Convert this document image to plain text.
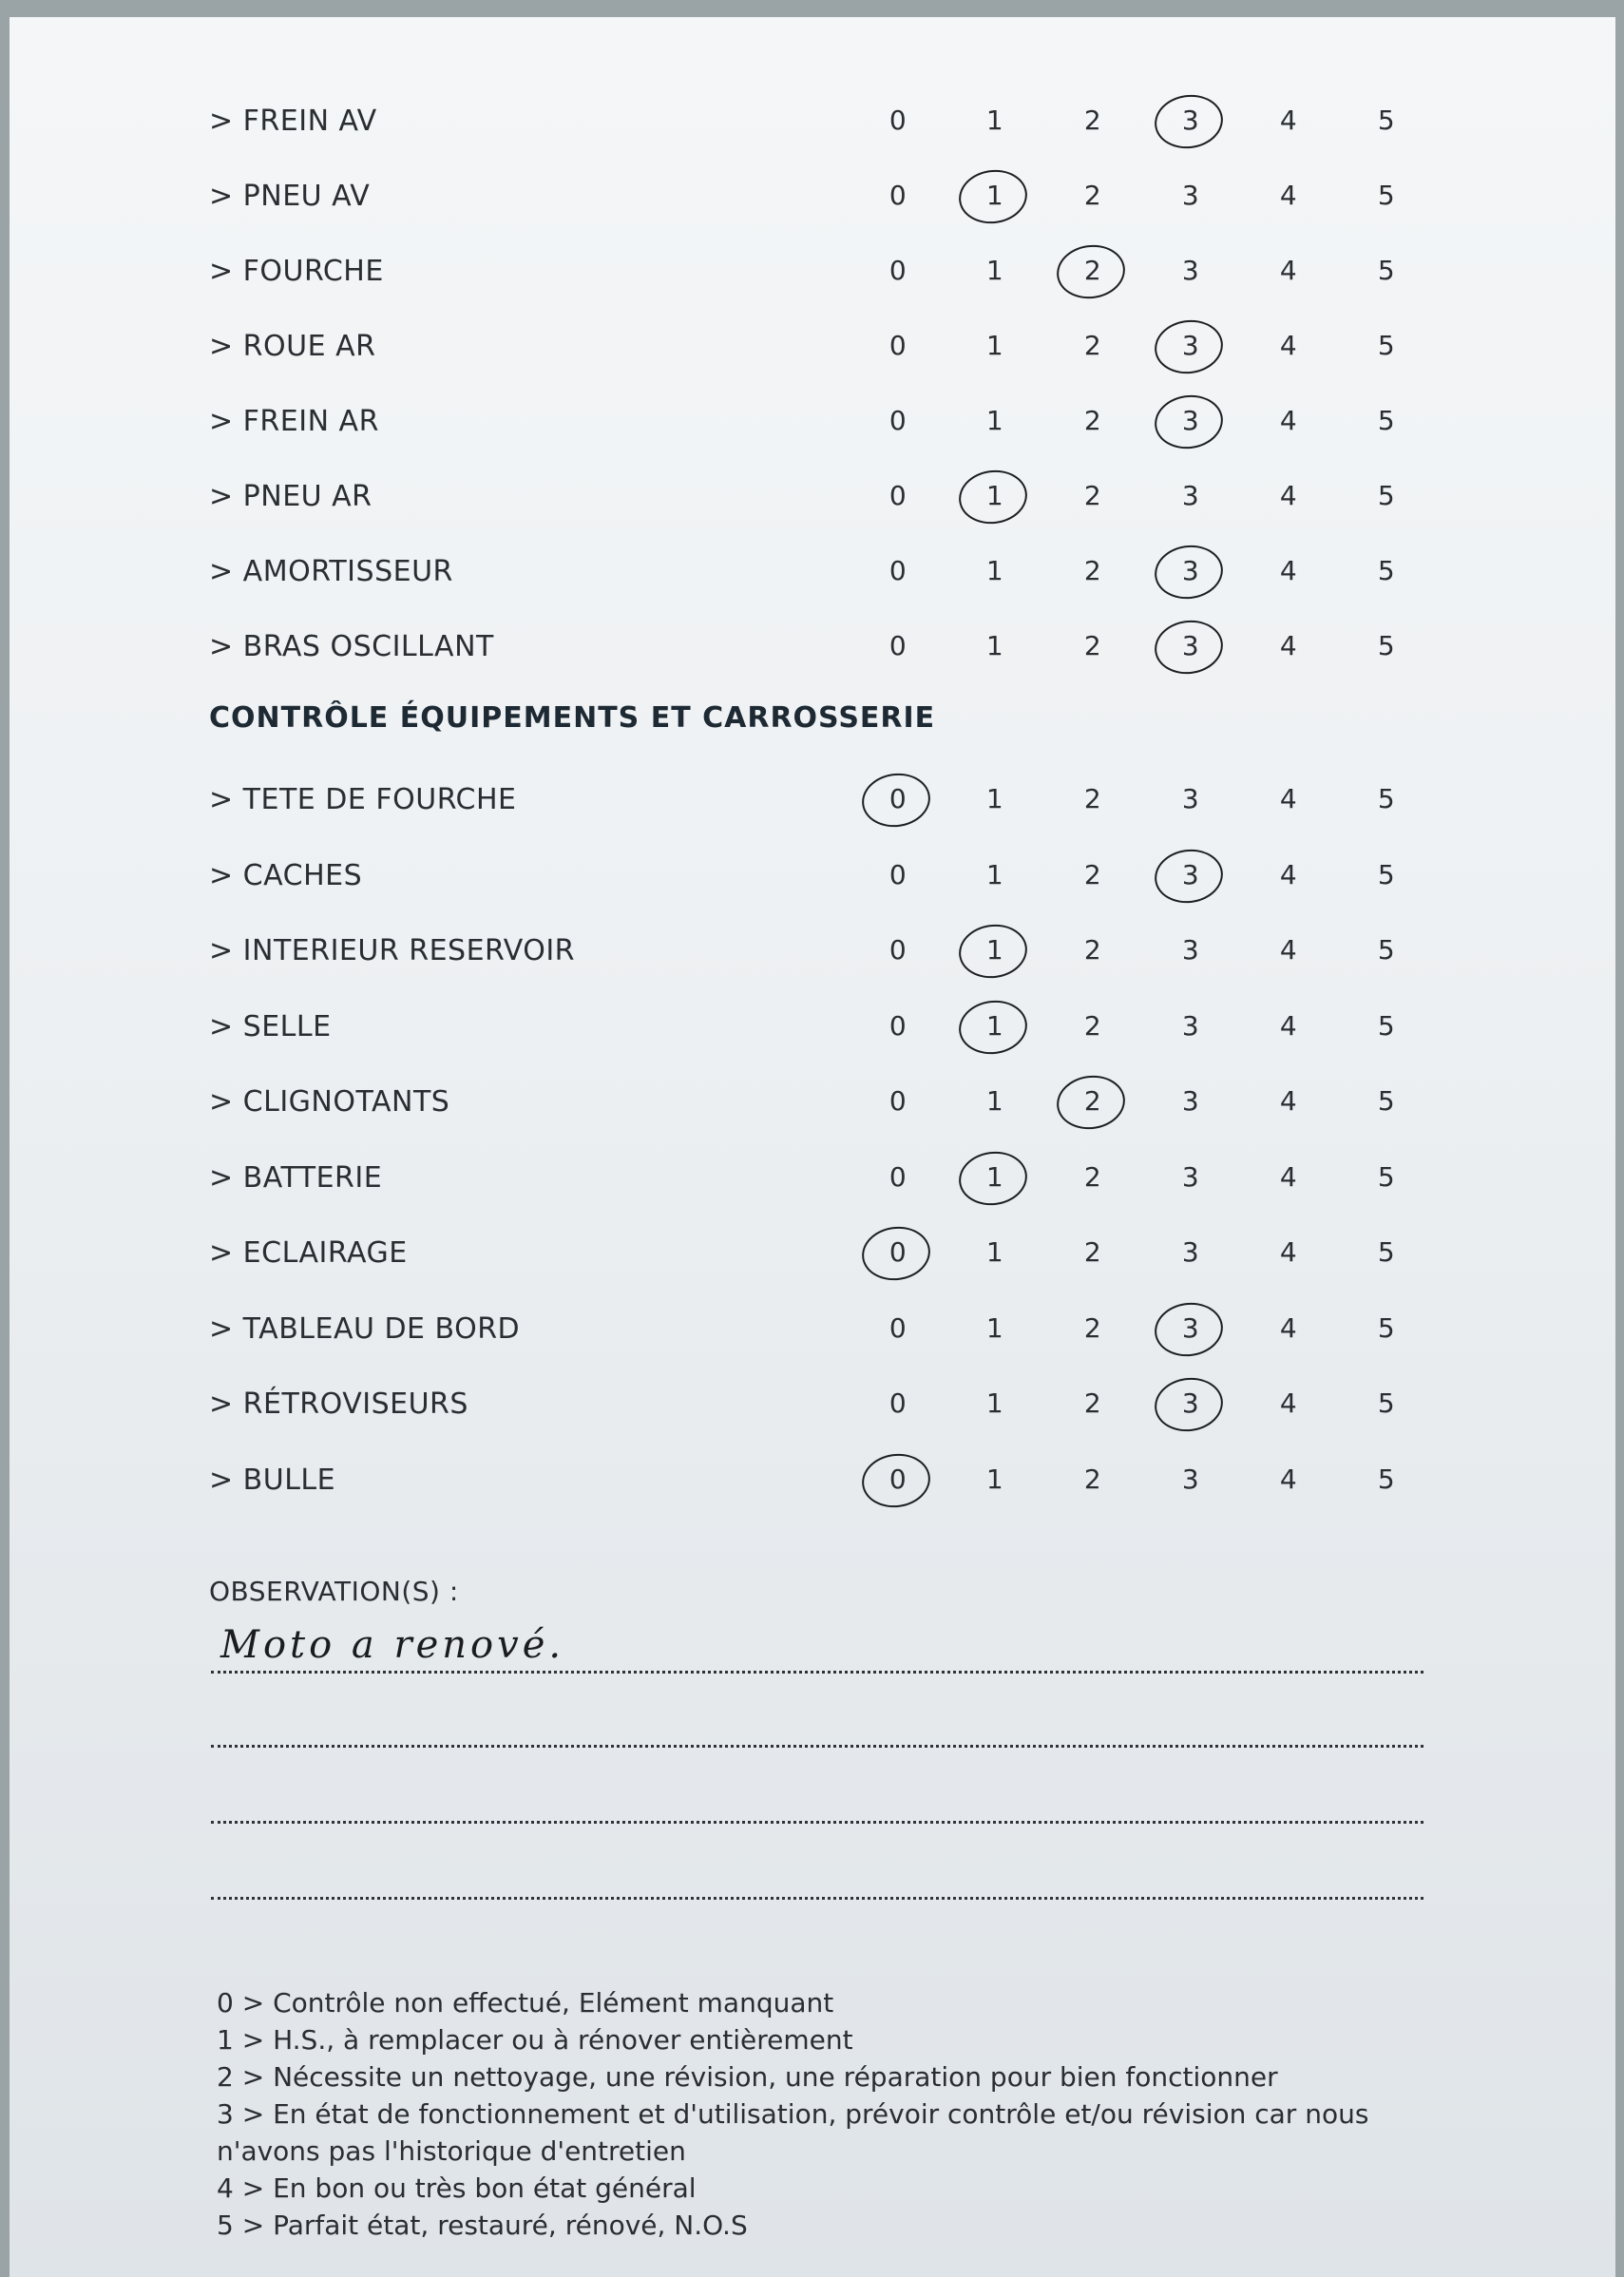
> FREIN AV	0	1	2	3	4	5
> PNEU AV	0	1	2	3	4	5
> FOURCHE	0	1	2	3	4	5
> ROUE AR	0	1	2	3	4	5
> FREIN AR	0	1	2	3	4	5
> PNEU AR	0	1	2	3	4	5
> AMORTISSEUR	0	1	2	3	4	5
> BRAS OSCILLANT	0	1	2	3	4	5
CONTRÔLE ÉQUIPEMENTS ET CARROSSERIE
> TETE DE FOURCHE	0	1	2	3	4	5
> CACHES	0	1	2	3	4	5
> INTERIEUR RESERVOIR	0	1	2	3	4	5
> SELLE	0	1	2	3	4	5
> CLIGNOTANTS	0	1	2	3	4	5
> BATTERIE	0	1	2	3	4	5
> ECLAIRAGE	0	1	2	3	4	5
> TABLEAU DE BORD	0	1	2	3	4	5
> RÉTROVISEURS	0	1	2	3	4	5
> BULLE	0	1	2	3	4	5
OBSERVATION(S) :
Moto a renové.
0 > Contrôle non effectué, Elément manquant
1 > H.S., à remplacer ou à rénover entièrement
2 > Nécessite un nettoyage, une révision, une réparation pour bien fonctionner
3 > En état de fonctionnement et d'utilisation, prévoir contrôle et/ou révision car nous n'avons pas l'historique d'entretien
4 > En bon ou très bon état général
5 > Parfait état, restauré, rénové, N.O.S
